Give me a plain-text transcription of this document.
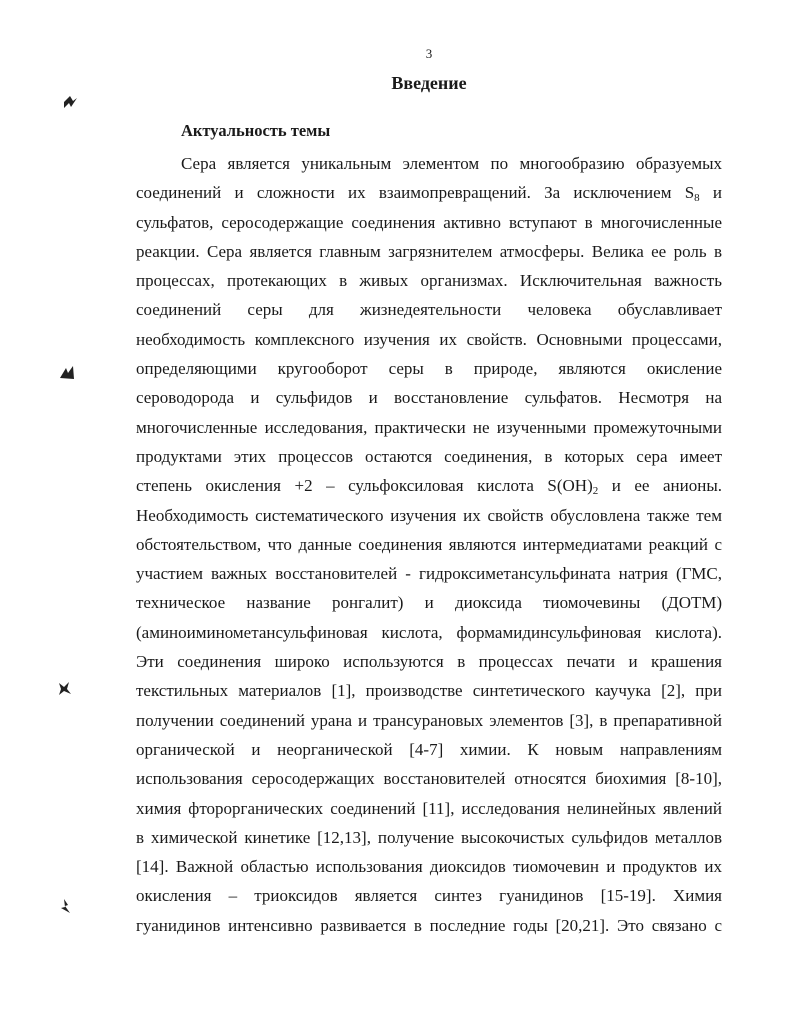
3
Введение
Актуальность темы
Сера является уникальным элементом по многообразию образуемых
соединений и сложности их взаимопревращений. За исключением $S_8$ и
сульфатов, серосодержащие соединения активно вступают в многочисленные
реакции. Сера является главным загрязнителем атмосферы. Велика ее роль в
процессах, протекающих в живых организмах. Исключительная важность
соединений серы для жизнедеятельности человека обуславливает
необходимость комплексного изучения их свойств. Основными процессами,
определяющими кругооборот серы в природе, являются окисление
сероводорода и сульфидов и восстановление сульфатов. Несмотря на
многочисленные исследования, практически не изученными промежуточными
продуктами этих процессов остаются соединения, в которых сера имеет
степень окисления +2 – сульфоксиловая кислота $S(OH)_2$ и ее анионы.
Необходимость систематического изучения их свойств обусловлена также тем
обстоятельством, что данные соединения являются интермедиатами реакций с
участием важных восстановителей - гидроксиметансульфината натрия (ГМС,
техническое название ронгалит) и диоксида тиомочевины (ДОТМ)
(аминоиминометансульфиновая кислота, формамидинсульфиновая кислота).
Эти соединения широко используются в процессах печати и крашения
текстильных материалов [1], производстве синтетического каучука [2], при
получении соединений урана и трансурановых элементов [3], в препаративной
органической и неорганической [4-7] химии. К новым направлениям
использования серосодержащих восстановителей относятся биохимия [8-10],
химия фторорганических соединений [11], исследования нелинейных явлений
в химической кинетике [12,13], получение высокочистых сульфидов металлов
[14]. Важной областью использования диоксидов тиомочевин и продуктов их
окисления – триоксидов является синтез гуанидинов [15-19]. Химия
гуанидинов интенсивно развивается в последние годы [20,21]. Это связано с
